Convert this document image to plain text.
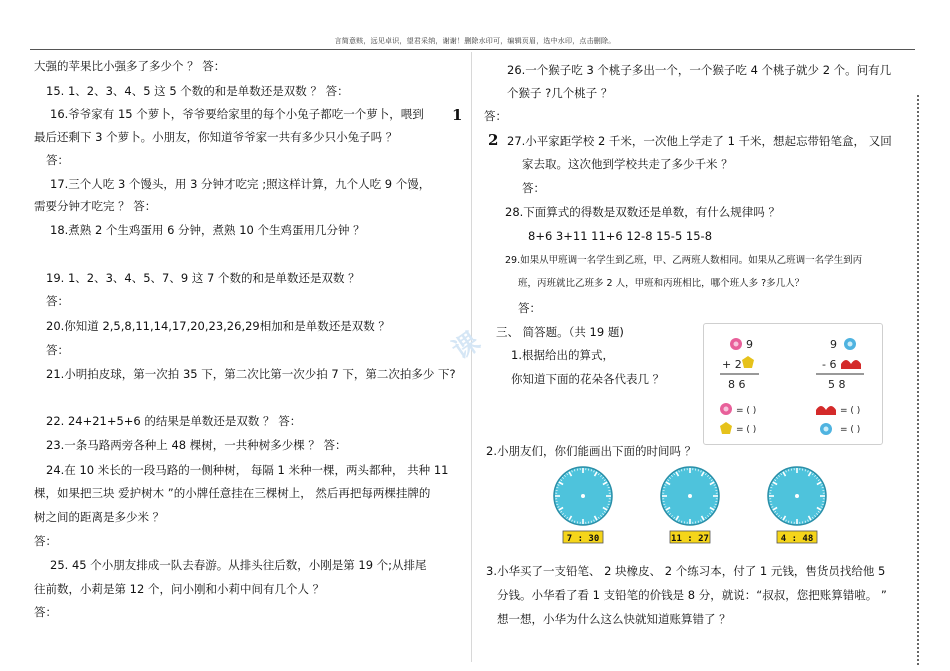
言简意赅，远见卓识，望君采纳，谢谢！删除水印可，编辑页眉，选中水印，点击删除。
课
1
2
大强的苹果比小强多了多少个 ？ 答：
15. 1、2、3、4、5 这 5 个数的和是单数还是双数 ？ 答：
16.爷爷家有 15 个萝卜，爷爷要给家里的每个小兔子都吃一个萝卜，喂到
最后还剩下 3 个萝卜。小朋友，你知道爷爷家一共有多少只小兔子吗 ？
答：
17.三个人吃 3 个馒头，用 3 分钟才吃完 ;照这样计算，九个人吃 9 个馒，
需要分钟才吃完 ？ 答：
18.煮熟 2 个生鸡蛋用 6 分钟，煮熟 10 个生鸡蛋用几分钟 ？
19. 1、2、3、4、5、7、9 这 7 个数的和是单数还是双数 ？
答：
20.你知道 2,5,8,11,14,17,20,23,26,29相加和是单数还是双数 ？
答：
21.小明拍皮球，第一次拍 35 下，第二次比第一次少拍 7 下，第二次拍多少 下?
22. 24+21+5+6 的结果是单数还是双数 ？ 答：
23.一条马路两旁各种上 48 棵树，一共种树多少棵 ？ 答：
24.在 10 米长的一段马路的一侧种树， 每隔 1 米种一棵，两头都种， 共种 11
棵，如果把三块 爱护树木 ”的小牌任意挂在三棵树上， 然后再把每两棵挂牌的
树之间的距离是多少米 ？
答：
25. 45 个小朋友排成一队去春游。从排头往后数，小刚是第 19 个;从排尾
往前数，小莉是第 12 个，问小刚和小莉中间有几个人 ？
答：
26.一个猴子吃 3 个桃子多出一个，一个猴子吃 4 个桃子就少 2 个。问有几
个猴子 ?几个桃子 ？
答：
27.小平家距学校 2 千米，一次他上学走了 1 千米，想起忘带铅笔盒， 又回
家去取。这次他到学校共走了多少千米 ？
答：
28.下面算式的得数是双数还是单数，有什么规律吗 ？
8+6 3+11 11+6 12-8 15-5 15-8
29.如果从甲班调一名学生到乙班，甲、乙两班人数相同。如果从乙班调一名学生到丙
班，丙班就比乙班多 2 人，甲班和丙班相比，哪个班人多 ?多几人？
答：
三、 简答题。（共 19 题)
1.根据给出的算式，
你知道下面的花朵各代表几 ？
2.小朋友们，你们能画出下面的时间吗 ？
3.小华买了一支铅笔、 2 块橡皮、 2 个练习本，付了 1 元钱，售货员找给他 5
分钱。小华看了看 1 支铅笔的价钱是 8 分，就说：“叔叔，您把账算错啦。 ”
想一想，小华为什么这么快就知道账算错了 ？
9
+ 2
8 6
= ( )
= ( )
9
- 6
5 8
= ( )
= ( )
7 : 30	11 : 27	4 : 48
